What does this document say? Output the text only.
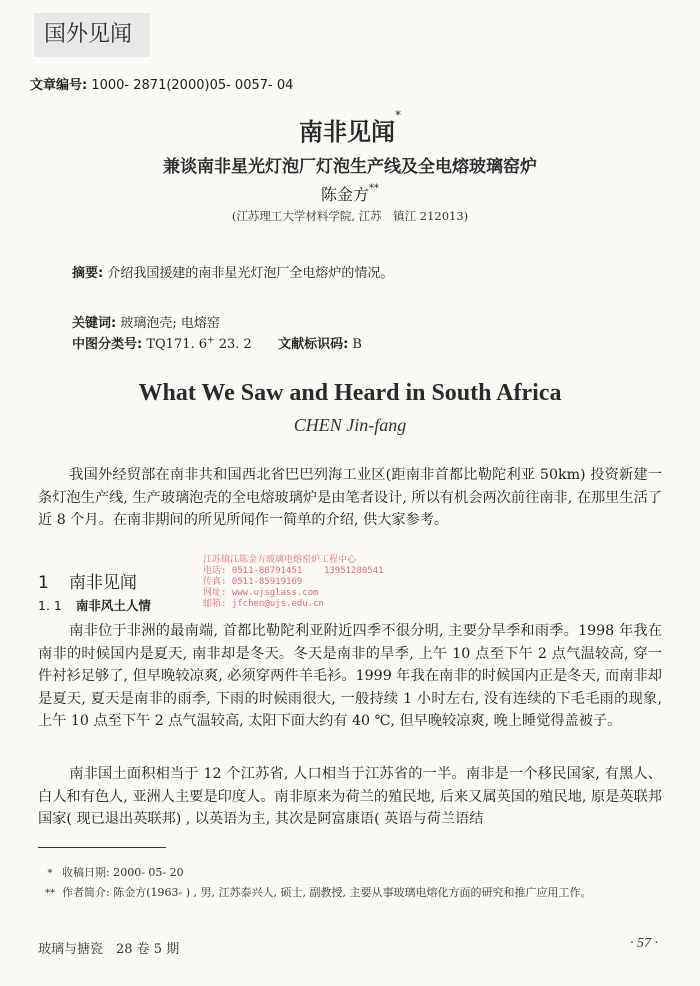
国外见闻
文章编号: 1000- 2871(2000)05- 0057- 04
南非见闻*
兼谈南非星光灯泡厂灯泡生产线及全电熔玻璃窑炉
陈金方**
(江苏理工大学材料学院, 江苏　镇江 212013)
摘要: 介绍我国援建的南非星光灯泡厂全电熔炉的情况。
关键词: 玻璃泡壳; 电熔窑
中图分类号: TQ171. 6+ 23. 2 文献标识码: B
What We Saw and Heard in South Africa
CHEN Jin-fang
我国外经贸部在南非共和国西北省巴巴列海工业区(距南非首都比勒陀利亚 50km) 投资新建一条灯泡生产线, 生产玻璃泡壳的全电熔玻璃炉是由笔者设计, 所以有机会两次前往南非, 在那里生活了近 8 个月。在南非期间的所见所闻作一简单的介绍, 供大家参考。
1 南非见闻
1. 1 南非风土人情
江苏镇江陈金方玻璃电熔窑炉工程中心
电话: 0511-88791451    13951280541
传真: 0511-85919169
网址: www.ujsglass.com
邮箱: jfchen@ujs.edu.cn
南非位于非洲的最南端, 首都比勒陀利亚附近四季不很分明, 主要分旱季和雨季。1998 年我在南非的时候国内是夏天, 南非却是冬天。冬天是南非的旱季, 上午 10 点至下午 2 点气温较高, 穿一件衬衫足够了, 但早晚较凉爽, 必须穿两件羊毛衫。1999 年我在南非的时候国内正是冬天, 而南非却是夏天, 夏天是南非的雨季, 下雨的时候雨很大, 一般持续 1 小时左右, 没有连续的下毛毛雨的现象, 上午 10 点至下午 2 点气温较高, 太阳下面大约有 40 ℃, 但早晚较凉爽, 晚上睡觉得盖被子。
南非国土面积相当于 12 个江苏省, 人口相当于江苏省的一半。南非是一个移民国家, 有黑人、白人和有色人, 亚洲人主要是印度人。南非原来为荷兰的殖民地, 后来又属英国的殖民地, 原是英联邦国家( 现已退出英联邦) , 以英语为主, 其次是阿富康语( 英语与荷兰语结
* 收稿日期: 2000- 05- 20
** 作者简介: 陈金方(1963- ) , 男, 江苏泰兴人, 硕士, 副教授, 主要从事玻璃电熔化方面的研究和推广应用工作。
玻璃与搪瓷　28 卷 5 期	· 57 ·
